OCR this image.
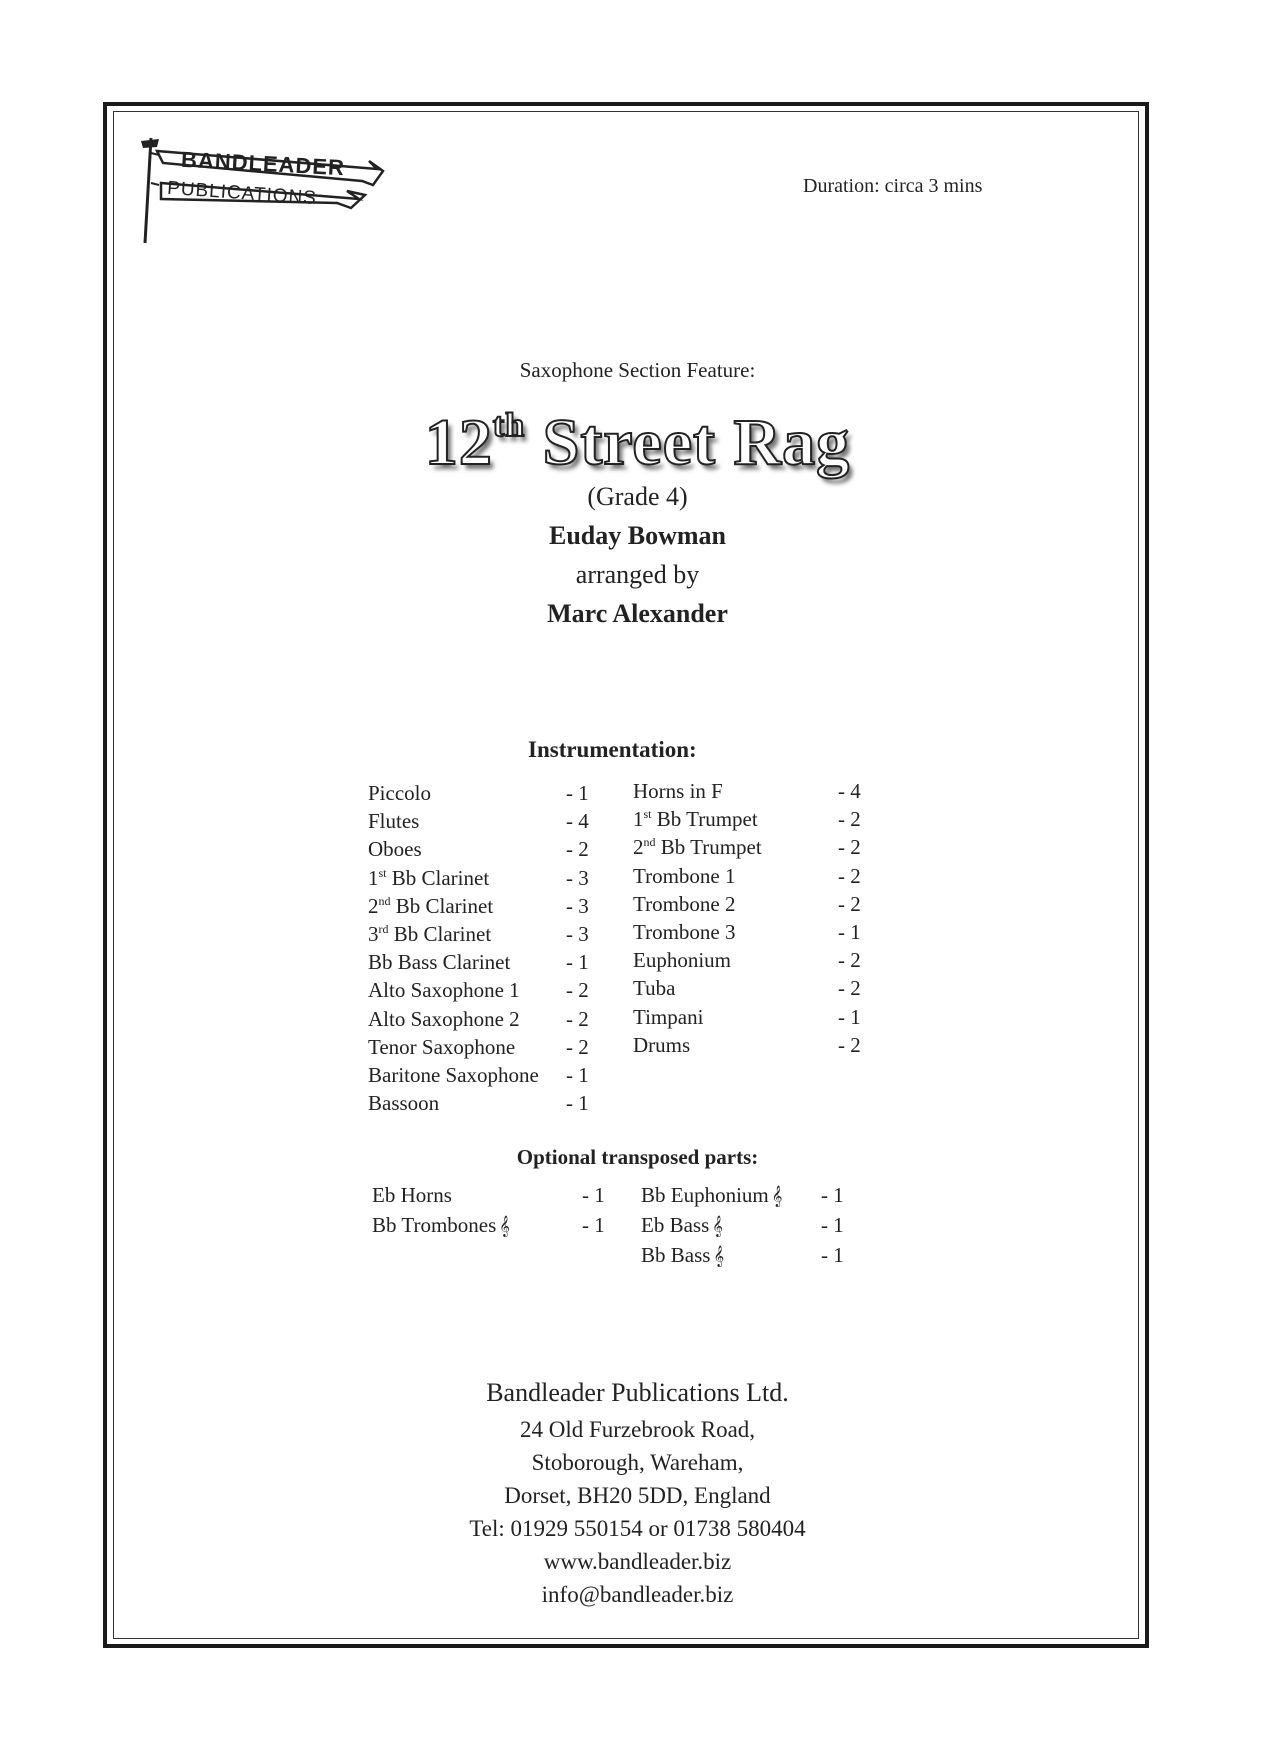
BANDLEADER
PUBLICATIONS	Duration: circa 3 mins
Saxophone Section Feature:
12th Street Rag
(Grade 4)
Euday Bowman
arranged by
Marc Alexander
Instrumentation:
Piccolo	- 1
Flutes	- 4
Oboes	- 2
1st Bb Clarinet	- 3
2nd Bb Clarinet	- 3
3rd Bb Clarinet	- 3
Bb Bass Clarinet	- 1
Alto Saxophone 1 - 2
Alto Saxophone 2 - 2
Tenor Saxophone - 2
Baritone Saxophone - 1
Bassoon	- 1
Horns in F	- 4
1st Bb Trumpet	- 2
2nd Bb Trumpet	- 2
Trombone 1	- 2
Trombone 2	- 2
Trombone 3	- 1
Euphonium	- 2
Tuba	- 2
Timpani	- 1
Drums	- 2
Optional transposed parts:
Eb Horns	- 1
Bb Trombones 𝄞	- 1
Bb Euphonium 𝄞 - 1
Eb Bass 𝄞	- 1
Bb Bass 𝄞	- 1
Bandleader Publications Ltd.
24 Old Furzebrook Road,
Stoborough, Wareham,
Dorset, BH20 5DD, England
Tel: 01929 550154 or 01738 580404
www.bandleader.biz
info@bandleader.biz
